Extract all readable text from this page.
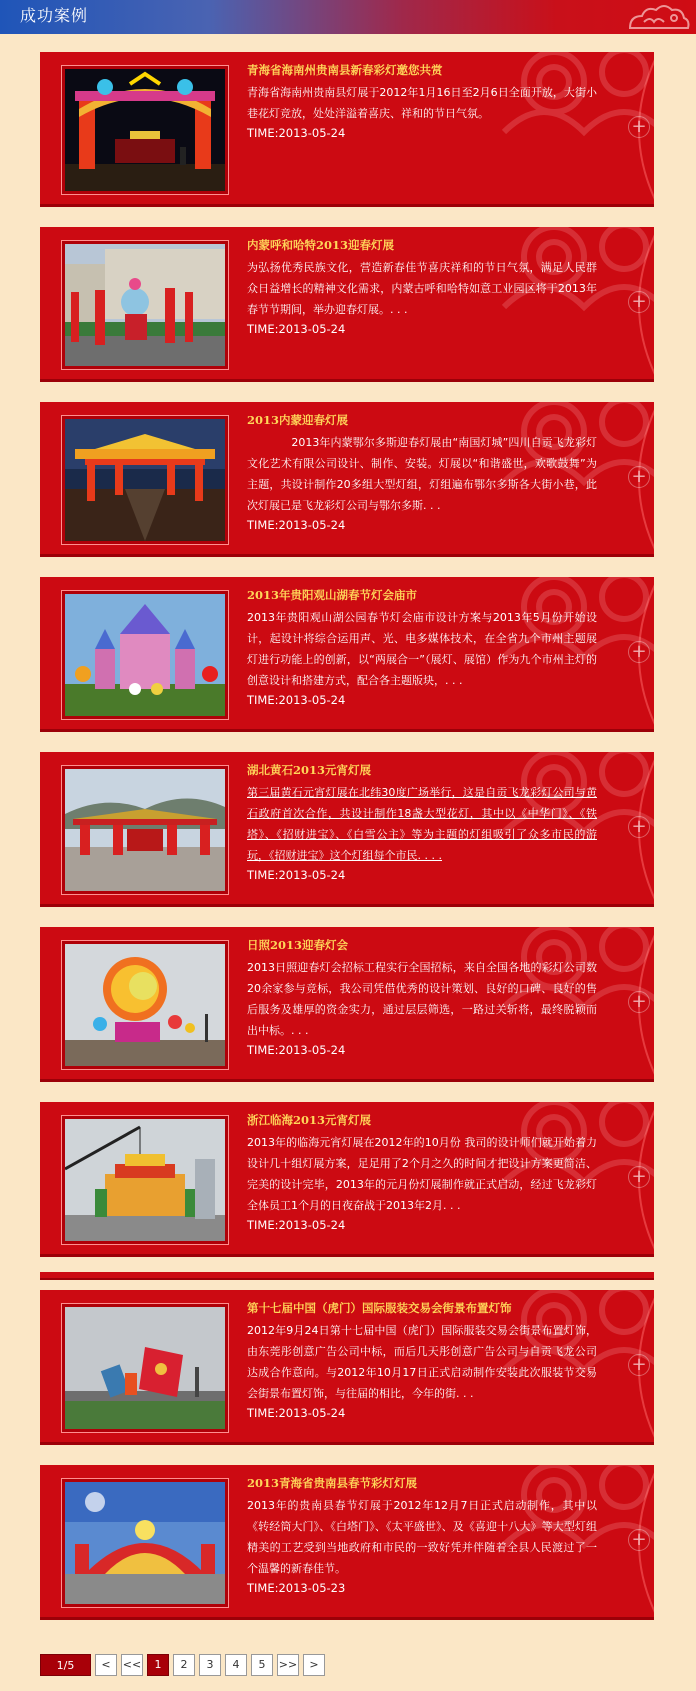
成功案例
+
青海省海南州贵南县新春彩灯邀您共赏
青海省海南州贵南县灯展于2012年1月16日至2月6日全面开放，大街小巷花灯竞放，处处洋溢着喜庆、祥和的节日气氛。
TIME:2013-05-24
+
内蒙呼和哈特2013迎春灯展
为弘扬优秀民族文化，营造新春佳节喜庆祥和的节日气氛，满足人民群众日益增长的精神文化需求，内蒙古呼和哈特如意工业园区将于2013年春节节期间，举办迎春灯展。. . .
TIME:2013-05-24
+
2013内蒙迎春灯展
　　　　2013年内蒙鄂尔多斯迎春灯展由“南国灯城”四川自贡飞龙彩灯文化艺术有限公司设计、制作、安装。灯展以“和谐盛世，欢歌鼓舞”为主题，共设计制作20多组大型灯组，灯组遍布鄂尔多斯各大街小巷，此次灯展已是飞龙彩灯公司与鄂尔多斯. . .
TIME:2013-05-24
+
2013年贵阳观山湖春节灯会庙市
2013年贵阳观山湖公园春节灯会庙市设计方案与2013年5月份开始设计，起设计将综合运用声、光、电多媒体技术，在全省九个市州主题展灯进行功能上的创新，以“两展合一”（展灯、展馆）作为九个市州主灯的创意设计和搭建方式，配合各主题版块，. . .
TIME:2013-05-24
+
湖北黄石2013元宵灯展
第三届黄石元宵灯展在北纬30度广场举行，这是自贡飞龙彩灯公司与黄石政府首次合作，共设计制作18盏大型花灯，其中以《中华门》、《铁塔》、《招财进宝》、《白雪公主》等为主题的灯组吸引了众多市民的游玩，《招财进宝》这个灯组每个市民. . . .
TIME:2013-05-24
+
日照2013迎春灯会
2013日照迎春灯会招标工程实行全国招标，来自全国各地的彩灯公司数20余家参与竞标，我公司凭借优秀的设计策划、良好的口碑、良好的售后服务及雄厚的资金实力，通过层层筛选，一路过关斩将，最终脱颖而出中标。. . .
TIME:2013-05-24
+
浙江临海2013元宵灯展
2013年的临海元宵灯展在2012年的10月份 我司的设计师们就开始着力设计几十组灯展方案，足足用了2个月之久的时间才把设计方案更简洁、完美的设计完毕，2013年的元月份灯展制作就正式启动，经过飞龙彩灯全体员工1个月的日夜奋战于2013年2月. . .
TIME:2013-05-24
+
第十七届中国（虎门）国际服装交易会街景布置灯饰
2012年9月24日第十七届中国（虎门）国际服装交易会街景布置灯饰，由东莞彤创意广告公司中标，而后几天彤创意广告公司与自贡飞龙公司达成合作意向。与2012年10月17日正式启动制作安装此次服装节交易会街景布置灯饰，与往届的相比，今年的街. . .
TIME:2013-05-24
+
2013青海省贵南县春节彩灯灯展
2013年的贵南县春节灯展于2012年12月7日正式启动制作，其中以《转经筒大门》、《白塔门》、《太平盛世》、及《喜迎十八大》等大型灯组精美的工艺受到当地政府和市民的一致好凭并伴随着全县人民渡过了一个温馨的新春佳节。
TIME:2013-05-23
1/5	<	<<	1	2	3	4	5	>>	>
